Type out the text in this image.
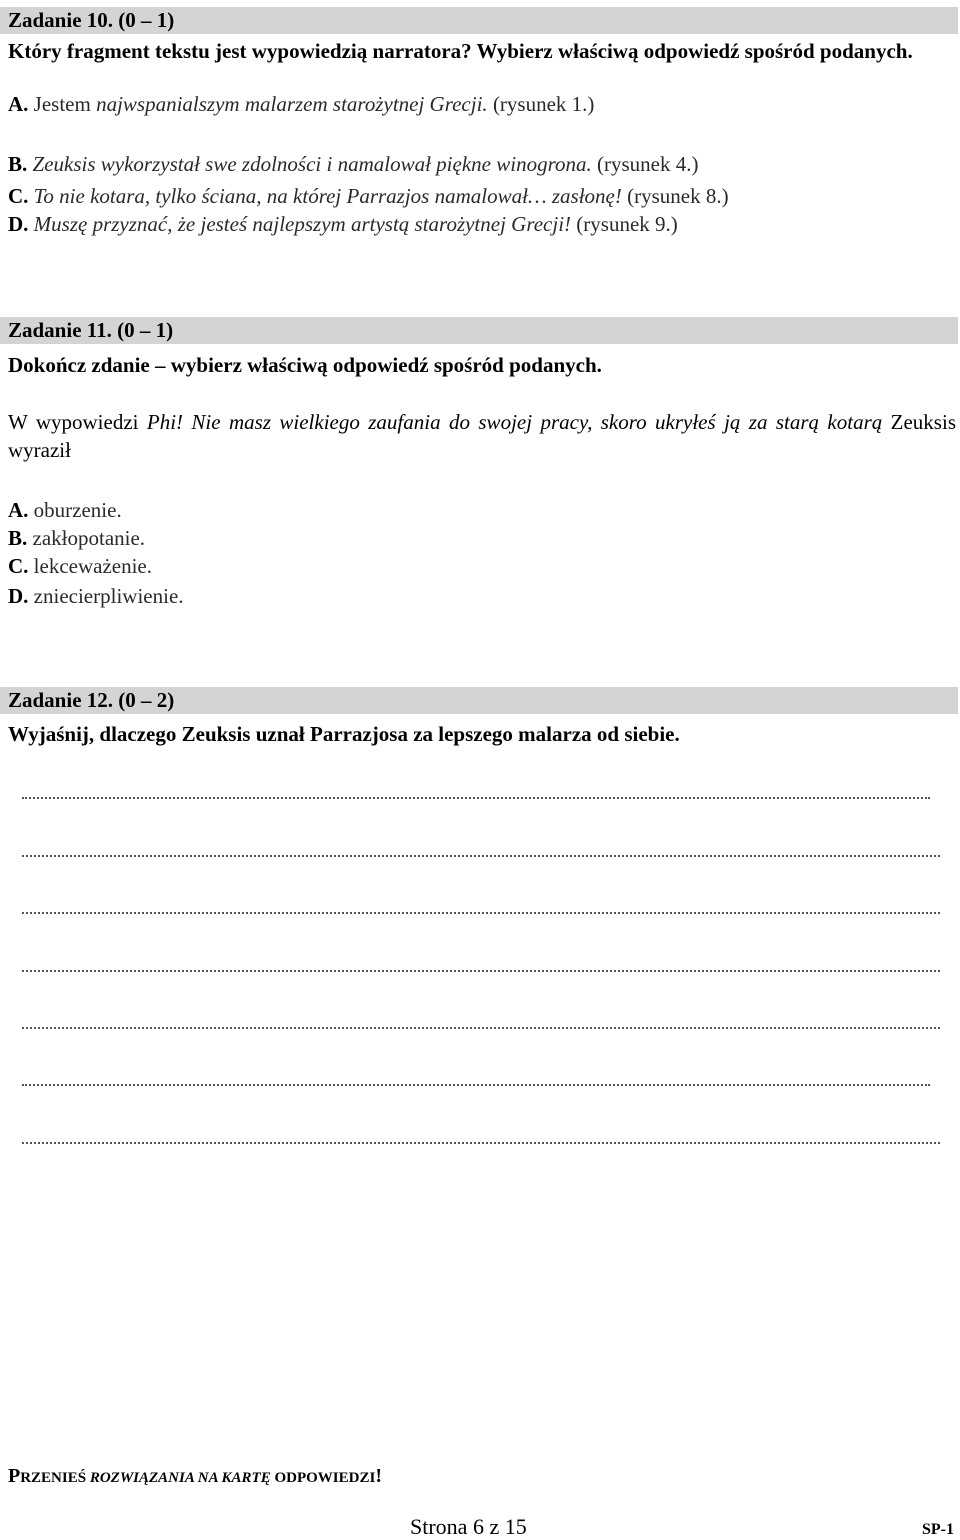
Zadanie 10. (0 – 1)
Który fragment tekstu jest wypowiedzią narratora? Wybierz właściwą odpowiedź spośród podanych.
A. Jestem najwspanialszym malarzem starożytnej Grecji. (rysunek 1.)
B. Zeuksis wykorzystał swe zdolności i namalował piękne winogrona. (rysunek 4.)
C. To nie kotara, tylko ściana, na której Parrazjos namalował… zasłonę! (rysunek 8.)
D. Muszę przyznać, że jesteś najlepszym artystą starożytnej Grecji! (rysunek 9.)
Zadanie 11. (0 – 1)
Dokończ zdanie – wybierz właściwą odpowiedź spośród podanych.
W wypowiedzi Phi! Nie masz wielkiego zaufania do swojej pracy, skoro ukryłeś ją za starą kotarą Zeuksis wyraził
A. oburzenie.
B. zakłopotanie.
C. lekceważenie.
D. zniecierpliwienie.
Zadanie 12. (0 – 2)
Wyjaśnij, dlaczego Zeuksis uznał Parrazjosa za lepszego malarza od siebie.
PRZENIEŚ ROZWIĄZANIA NA KARTĘ ODPOWIEDZI!
Strona 6 z 15	SP-1
